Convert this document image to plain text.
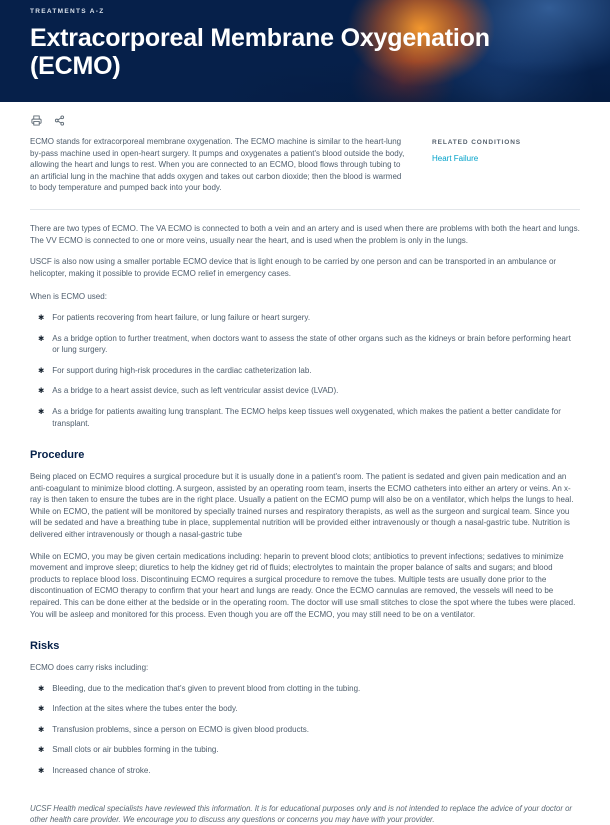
TREATMENTS A-Z
Extracorporeal Membrane Oxygenation (ECMO)

ECMO stands for extracorporeal membrane oxygenation. The ECMO machine is similar to the heart-lung by-pass machine used in open-heart surgery. It pumps and oxygenates a patient's blood outside the body, allowing the heart and lungs to rest. When you are connected to an ECMO, blood flows through tubing to an artificial lung in the machine that adds oxygen and takes out carbon dioxide; then the blood is warmed to body temperature and pumped back into your body.

RELATED CONDITIONS
Heart Failure

There are two types of ECMO. The VA ECMO is connected to both a vein and an artery and is used when there are problems with both the heart and lungs. The VV ECMO is connected to one or more veins, usually near the heart, and is used when the problem is only in the lungs.

USCF is also now using a smaller portable ECMO device that is light enough to be carried by one person and can be transported in an ambulance or helicopter, making it possible to provide ECMO relief in emergency cases.

When is ECMO used:

✱ For patients recovering from heart failure, or lung failure or heart surgery.
✱ As a bridge option to further treatment, when doctors want to assess the state of other organs such as the kidneys or brain before performing heart or lung surgery.
✱ For support during high-risk procedures in the cardiac catheterization lab.
✱ As a bridge to a heart assist device, such as left ventricular assist device (LVAD).
✱ As a bridge for patients awaiting lung transplant. The ECMO helps keep tissues well oxygenated, which makes the patient a better candidate for transplant.
Procedure

Being placed on ECMO requires a surgical procedure but it is usually done in a patient's room. The patient is sedated and given pain medication and an anti-coagulant to minimize blood clotting. A surgeon, assisted by an operating room team, inserts the ECMO catheters into either an artery or veins. An x-ray is then taken to ensure the tubes are in the right place. Usually a patient on the ECMO pump will also be on a ventilator, which helps the lungs to heal. While on ECMO, the patient will be monitored by specially trained nurses and respiratory therapists, as well as the surgeon and surgical team. Since you will be sedated and have a breathing tube in place, supplemental nutrition will be provided either intravenously or though a nasal-gastric tube. Nutrition is delivered either intravenously or though a nasal-gastric tube

While on ECMO, you may be given certain medications including: heparin to prevent blood clots; antibiotics to prevent infections; sedatives to minimize movement and improve sleep; diuretics to help the kidney get rid of fluids; electrolytes to maintain the proper balance of salts and sugars; and blood products to replace blood loss. Discontinuing ECMO requires a surgical procedure to remove the tubes. Multiple tests are usually done prior to the discontinuation of ECMO therapy to confirm that your heart and lungs are ready. Once the ECMO cannulas are removed, the vessels will need to be repaired. This can be done either at the bedside or in the operating room. The doctor will use small stitches to close the spot where the tubes were placed. You will be asleep and monitored for this process. Even though you are off the ECMO, you may still need to be on a ventilator.

Risks

ECMO does carry risks including:

✱ Bleeding, due to the medication that's given to prevent blood from clotting in the tubing.
✱ Infection at the sites where the tubes enter the body.
✱ Transfusion problems, since a person on ECMO is given blood products.
✱ Small clots or air bubbles forming in the tubing.
✱ Increased chance of stroke.

UCSF Health medical specialists have reviewed this information. It is for educational purposes only and is not intended to replace the advice of your doctor or other health care provider. We encourage you to discuss any questions or concerns you may have with your provider.
